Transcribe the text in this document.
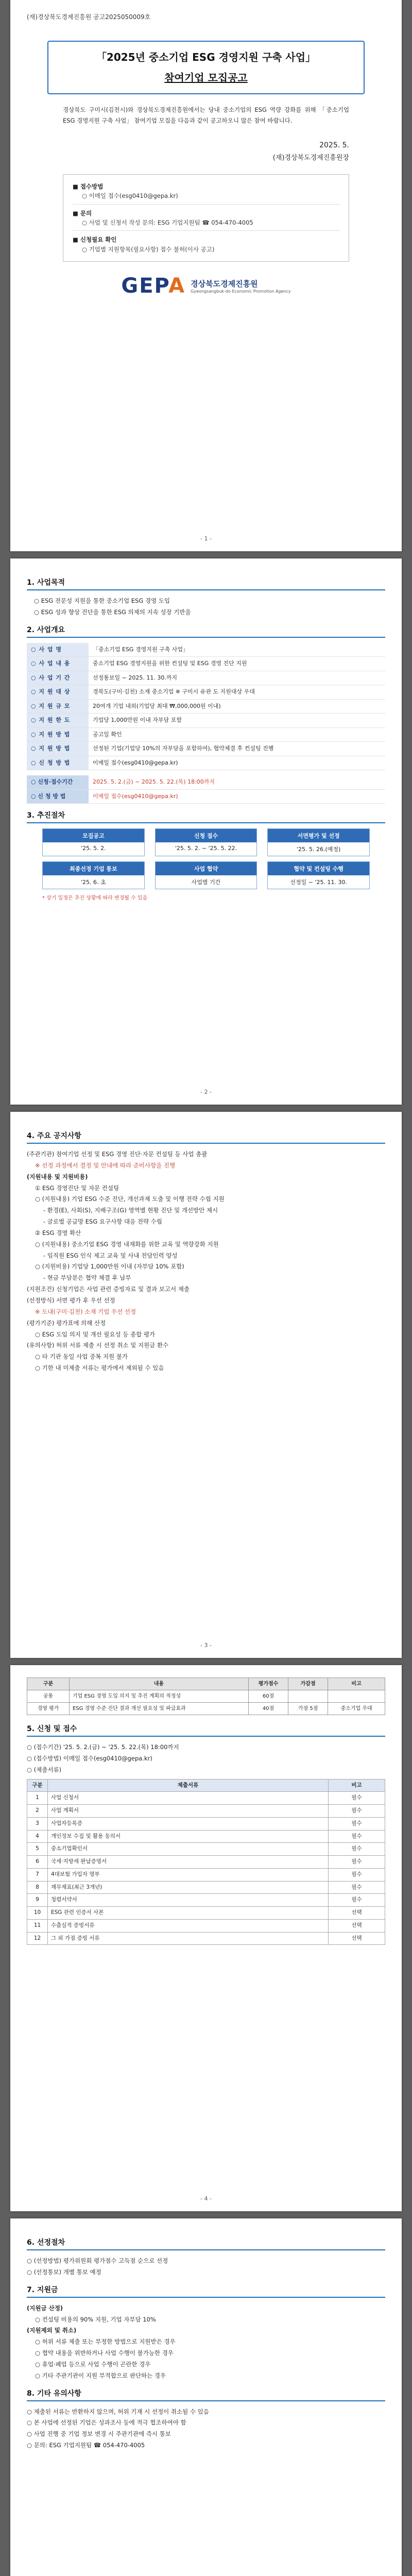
(재)경상북도경제진흥원 공고2025050009호
「2025년 중소기업 ESG 경영지원 구축 사업」
참여기업 모집공고

경상북도 구미시(김천시)와 경상북도경제진흥원에서는 당내 중소기업의 ESG 역량 강화를 위해 「중소기업 ESG 경영지원 구축 사업」 참여기업 모집을 다음과 같이 공고하오니 많은 참여 바랍니다.

2025. 5.
(재)경상북도경제진흥원장
■ 접수방법
○ 이메일 접수(esg0410@gepa.kr)
■ 문의
○ 사업 및 신청서 작성 문의: ESG 기업지원팀 ☎ 054-470-4005
■ 신청필요 확인
○ 기업별 지원항목(필요사항) 접수 불허(이사 공고)
GEPA 경상북도경제진흥원
Gyeongsangbuk-do Economic Promotion Agency
- 1 -
1. 사업목적
○ ESG 전문성 지원을 통한 중소기업 ESG 경영 도입
○ ESG 성과 향상 진단을 통한 ESG 의제의 지속 성장 기반을
2. 사업개요
○ 사 업 명	「중소기업 ESG 경영지원 구축 사업」
○ 사 업 내 용	중소기업 ESG 경영지원을 위한 컨설팅 및 ESG 경영 진단 지원
○ 사 업 기 간	선정통보일 ~ 2025. 11. 30.까지
○ 지 원 대 상	경북도(구미·김천) 소재 중소기업 ※ 구미시 유관 도 지원대상 우대
○ 지 원 규 모	20여개 기업 내외(기업당 최대 ₩,000,000원 이내)
○ 지 원 한 도	기업당 1,000만원 이내 자부담 포함
○ 지 원 방 법	공고일 확인
○ 지 원 방 법	선정된 기업(기업당 10%의 자부담을 포함하여), 협약체결 후 컨설팅 진행
○ 신 청 방 법	이메일 접수(esg0410@gepa.kr)
○ 신청·접수기간	2025. 5. 2.(금) ~ 2025. 5. 22.(목) 18:00까지
○ 신 청 방 법	이메일 접수(esg0410@gepa.kr)
3. 추진절차
모집공고
'25. 5. 2.
신청 접수
'25. 5. 2. ~ '25. 5. 22.
서면평가 및 선정
'25. 5. 26.(예정)
최종선정 기업 통보
'25. 6. 초
사업 협약
사업별 기간
협약 및 컨설팅 수행
선정일 ~ '25. 11. 30.
* 상기 일정은 추진 상황에 따라 변경될 수 있음
- 2 -
4. 주요 공지사항
(주관기관) 참여기업 선정 및 ESG 경영 진단·자문 컨설팅 등 사업 총괄
※ 선정 과정에서 결정 및 안내에 따라 준비사항을 진행
(지원내용 및 지원비용)
① ESG 경영진단 및 자문 컨설팅
○ (지원내용) 기업 ESG 수준 진단, 개선과제 도출 및 이행 전략 수립 지원
- 환경(E), 사회(S), 지배구조(G) 영역별 현황 진단 및 개선방안 제시
- 글로벌 공급망 ESG 요구사항 대응 전략 수립
② ESG 경영 확산
○ (지원내용) 중소기업 ESG 경영 내재화를 위한 교육 및 역량강화 지원
- 임직원 ESG 인식 제고 교육 및 사내 전담인력 양성
○ (지원비용) 기업당 1,000만원 이내 (자부담 10% 포함)
- 현금 부담분은 협약 체결 후 납부
(지원조건) 신청기업은 사업 관련 증빙자료 및 결과 보고서 제출
(선정방식) 서면 평가 후 우선 선정
※ 도내(구미·김천) 소재 기업 우선 선정
(평가기준) 평가표에 의해 산정
○ ESG 도입 의지 및 개선 필요성 등 종합 평가
(유의사항) 허위 서류 제출 시 선정 취소 및 지원금 환수
○ 타 기관 동일 사업 중복 지원 불가
○ 기한 내 미제출 서류는 평가에서 제외될 수 있음
- 3 -
구분	내용	평가점수	가감점	비고
공통	기업 ESG 경영 도입 의지 및 추진 계획의 적정성	60점		
경영 평가	ESG 경영 수준 진단 결과 개선 필요성 및 파급효과	40점	가점 5점	중소기업 우대
5. 신청 및 접수
○ (접수기간) '25. 5. 2.(금) ~ '25. 5. 22.(목) 18:00까지
○ (접수방법) 이메일 접수(esg0410@gepa.kr)
○ (제출서류)
구분	제출서류	비고
1	사업 신청서	필수
2	사업 계획서	필수
3	사업자등록증	필수
4	개인정보 수집 및 활용 동의서	필수
5	중소기업확인서	필수
6	국세·지방세 완납증명서	필수
7	4대보험 가입자 명부	필수
8	재무제표(최근 3개년)	필수
9	청렴서약서	필수
10	ESG 관련 인증서 사본	선택
11	수출실적 증빙서류	선택
12	그 외 가점 증빙 서류	선택
- 4 -
6. 선정절차
○ (선정방법) 평가위원회 평가점수 고득점 순으로 선정
○ (선정통보) 개별 통보 예정
7. 지원금
(지원금 산정)
○ 컨설팅 비용의 90% 지원, 기업 자부담 10%
(지원제외 및 취소)
○ 허위 서류 제출 또는 부정한 방법으로 지원받은 경우
○ 협약 내용을 위반하거나 사업 수행이 불가능한 경우
○ 휴업·폐업 등으로 사업 수행이 곤란한 경우
○ 기타 주관기관이 지원 부적합으로 판단하는 경우
8. 기타 유의사항
○ 제출된 서류는 반환하지 않으며, 허위 기재 시 선정이 취소될 수 있음
○ 본 사업에 선정된 기업은 성과조사 등에 적극 협조하여야 함
○ 사업 진행 중 기업 정보 변경 시 주관기관에 즉시 통보
○ 문의: ESG 기업지원팀 ☎ 054-470-4005
